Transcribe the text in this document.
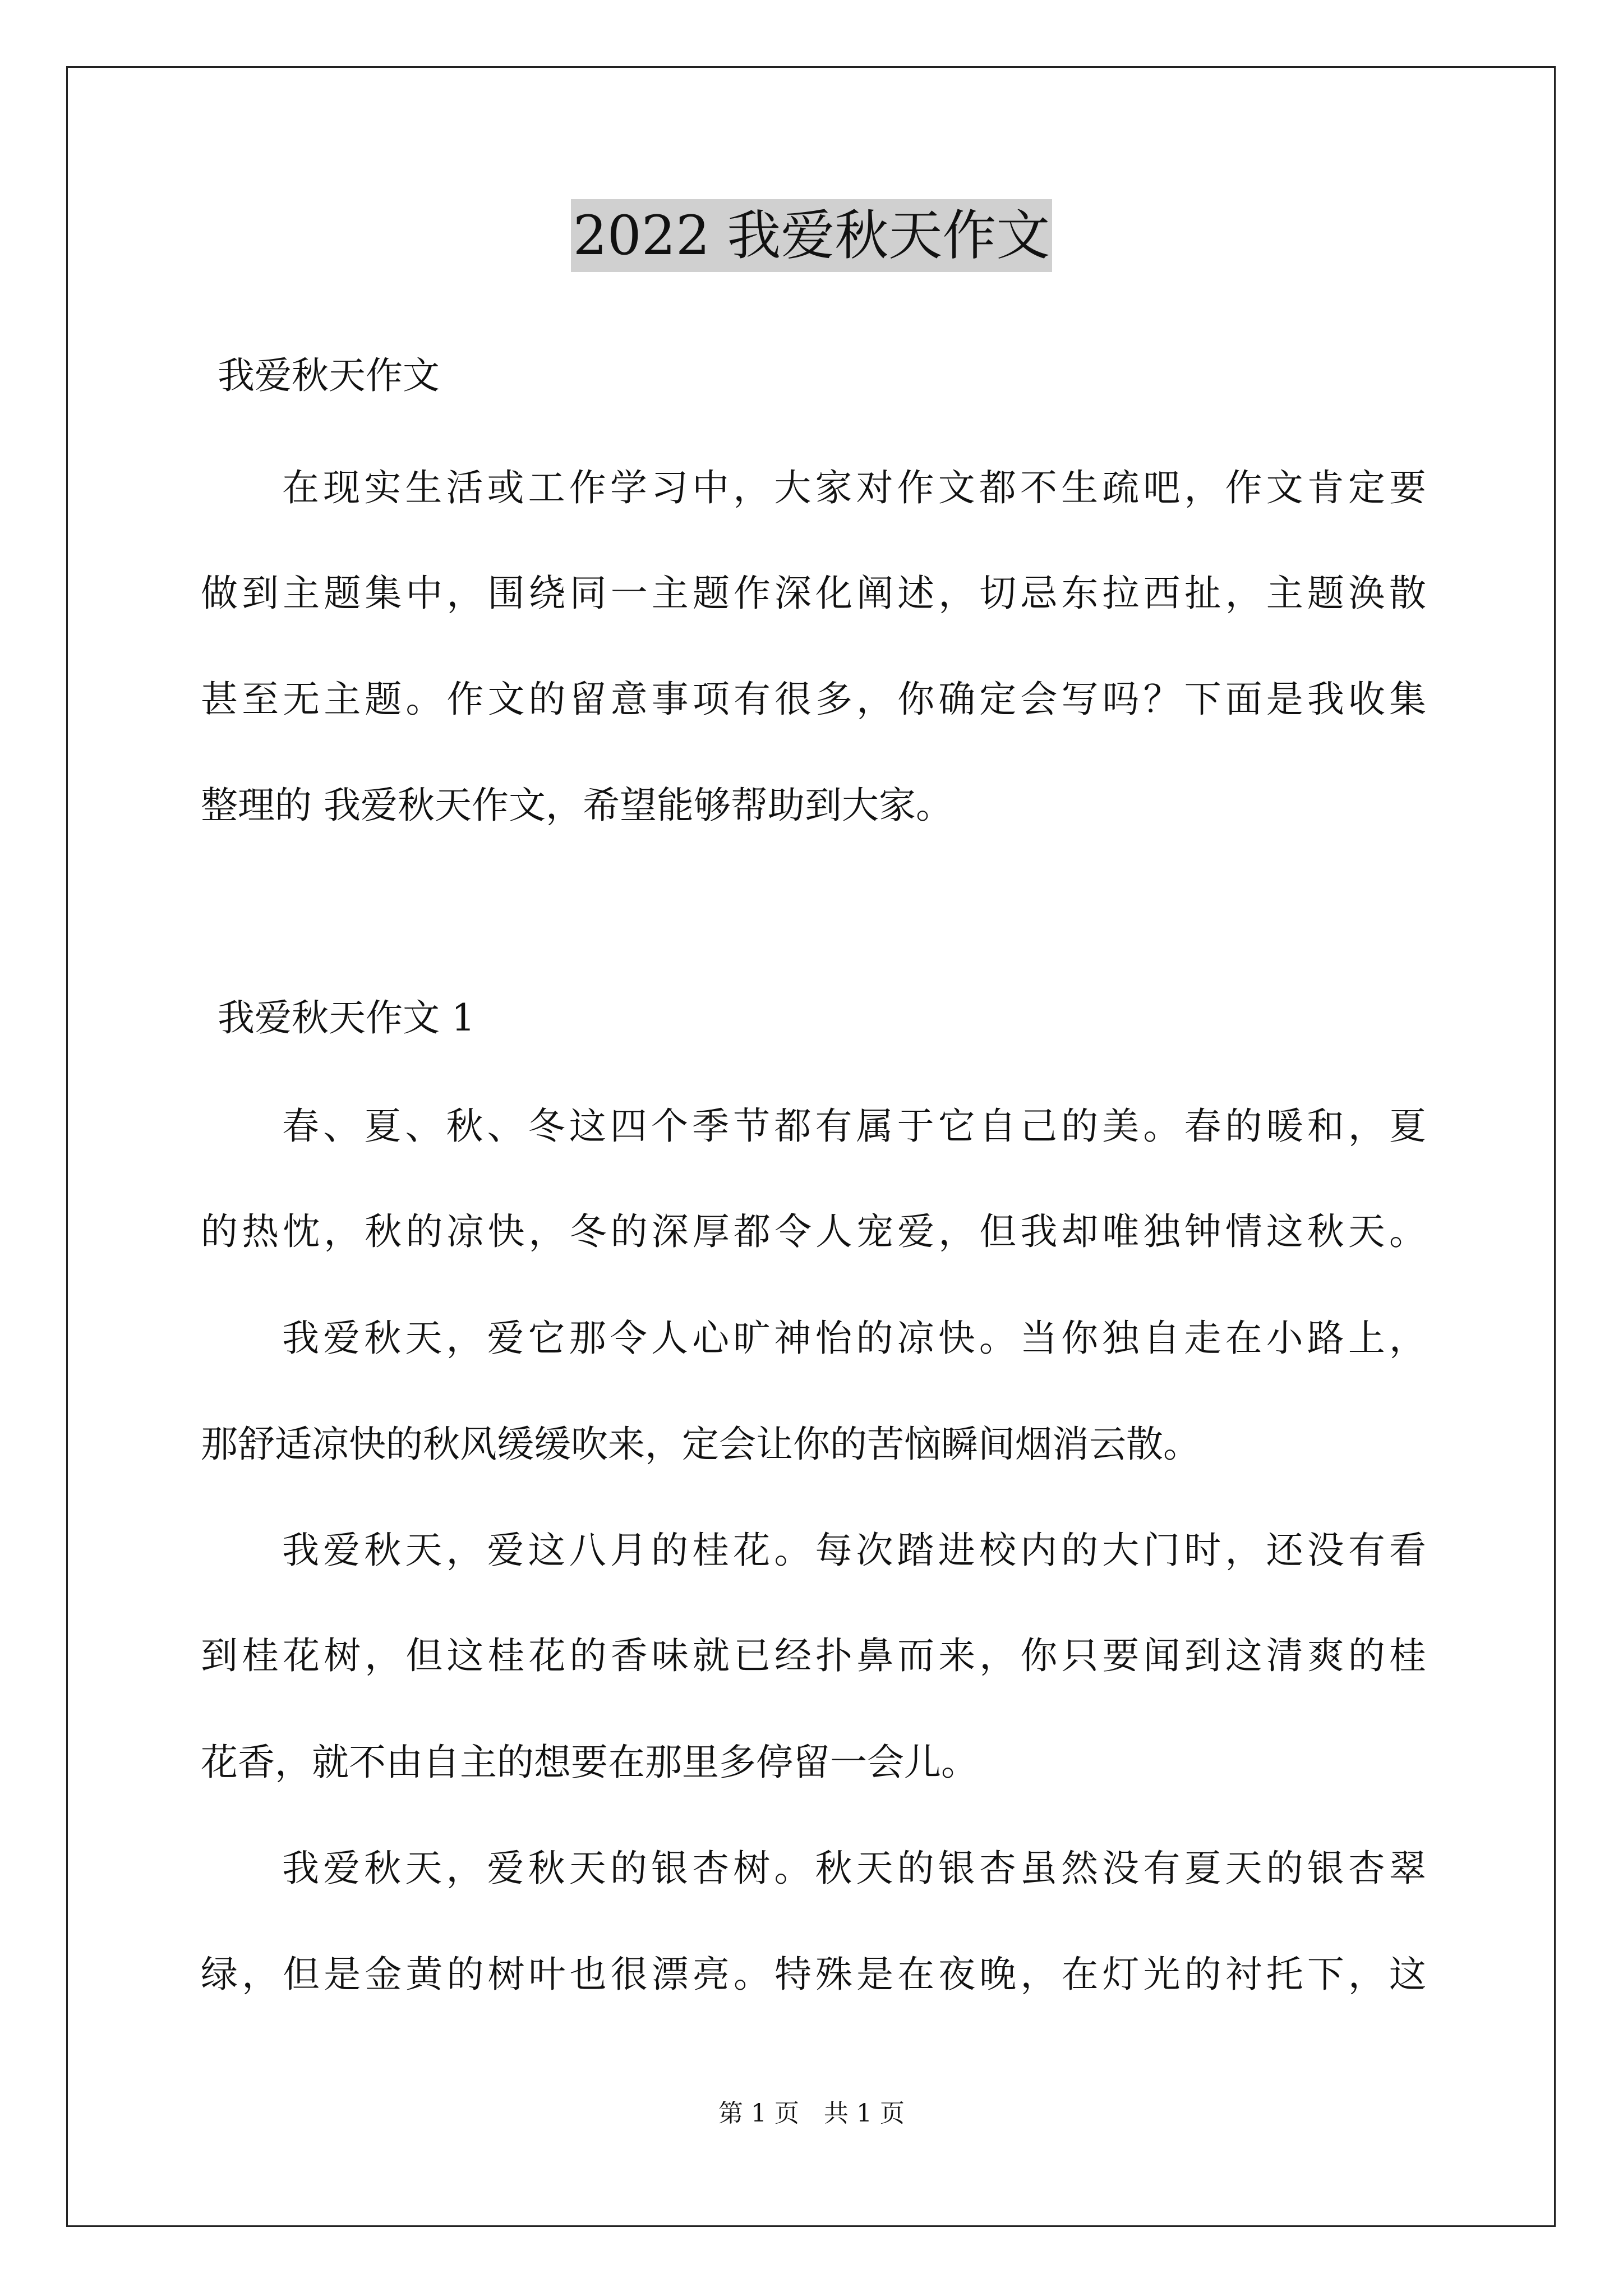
2022 我爱秋天作文
我爱秋天作文
在现实生活或工作学习中，大家对作文都不生疏吧，作文肯定要
做到主题集中，围绕同一主题作深化阐述，切忌东拉西扯，主题涣散
甚至无主题。作文的留意事项有很多，你确定会写吗？下面是我收集
整理的 我爱秋天作文，希望能够帮助到大家。
我爱秋天作文 1
春、夏、秋、冬这四个季节都有属于它自己的美。春的暖和，夏
的热忱，秋的凉快，冬的深厚都令人宠爱，但我却唯独钟情这秋天。
我爱秋天，爱它那令人心旷神怡的凉快。当你独自走在小路上，
那舒适凉快的秋风缓缓吹来，定会让你的苦恼瞬间烟消云散。
我爱秋天，爱这八月的桂花。每次踏进校内的大门时，还没有看
到桂花树，但这桂花的香味就已经扑鼻而来，你只要闻到这清爽的桂
花香，就不由自主的想要在那里多停留一会儿。
我爱秋天，爱秋天的银杏树。秋天的银杏虽然没有夏天的银杏翠
绿，但是金黄的树叶也很漂亮。特殊是在夜晚，在灯光的衬托下，这
第 1 页　共 1 页
